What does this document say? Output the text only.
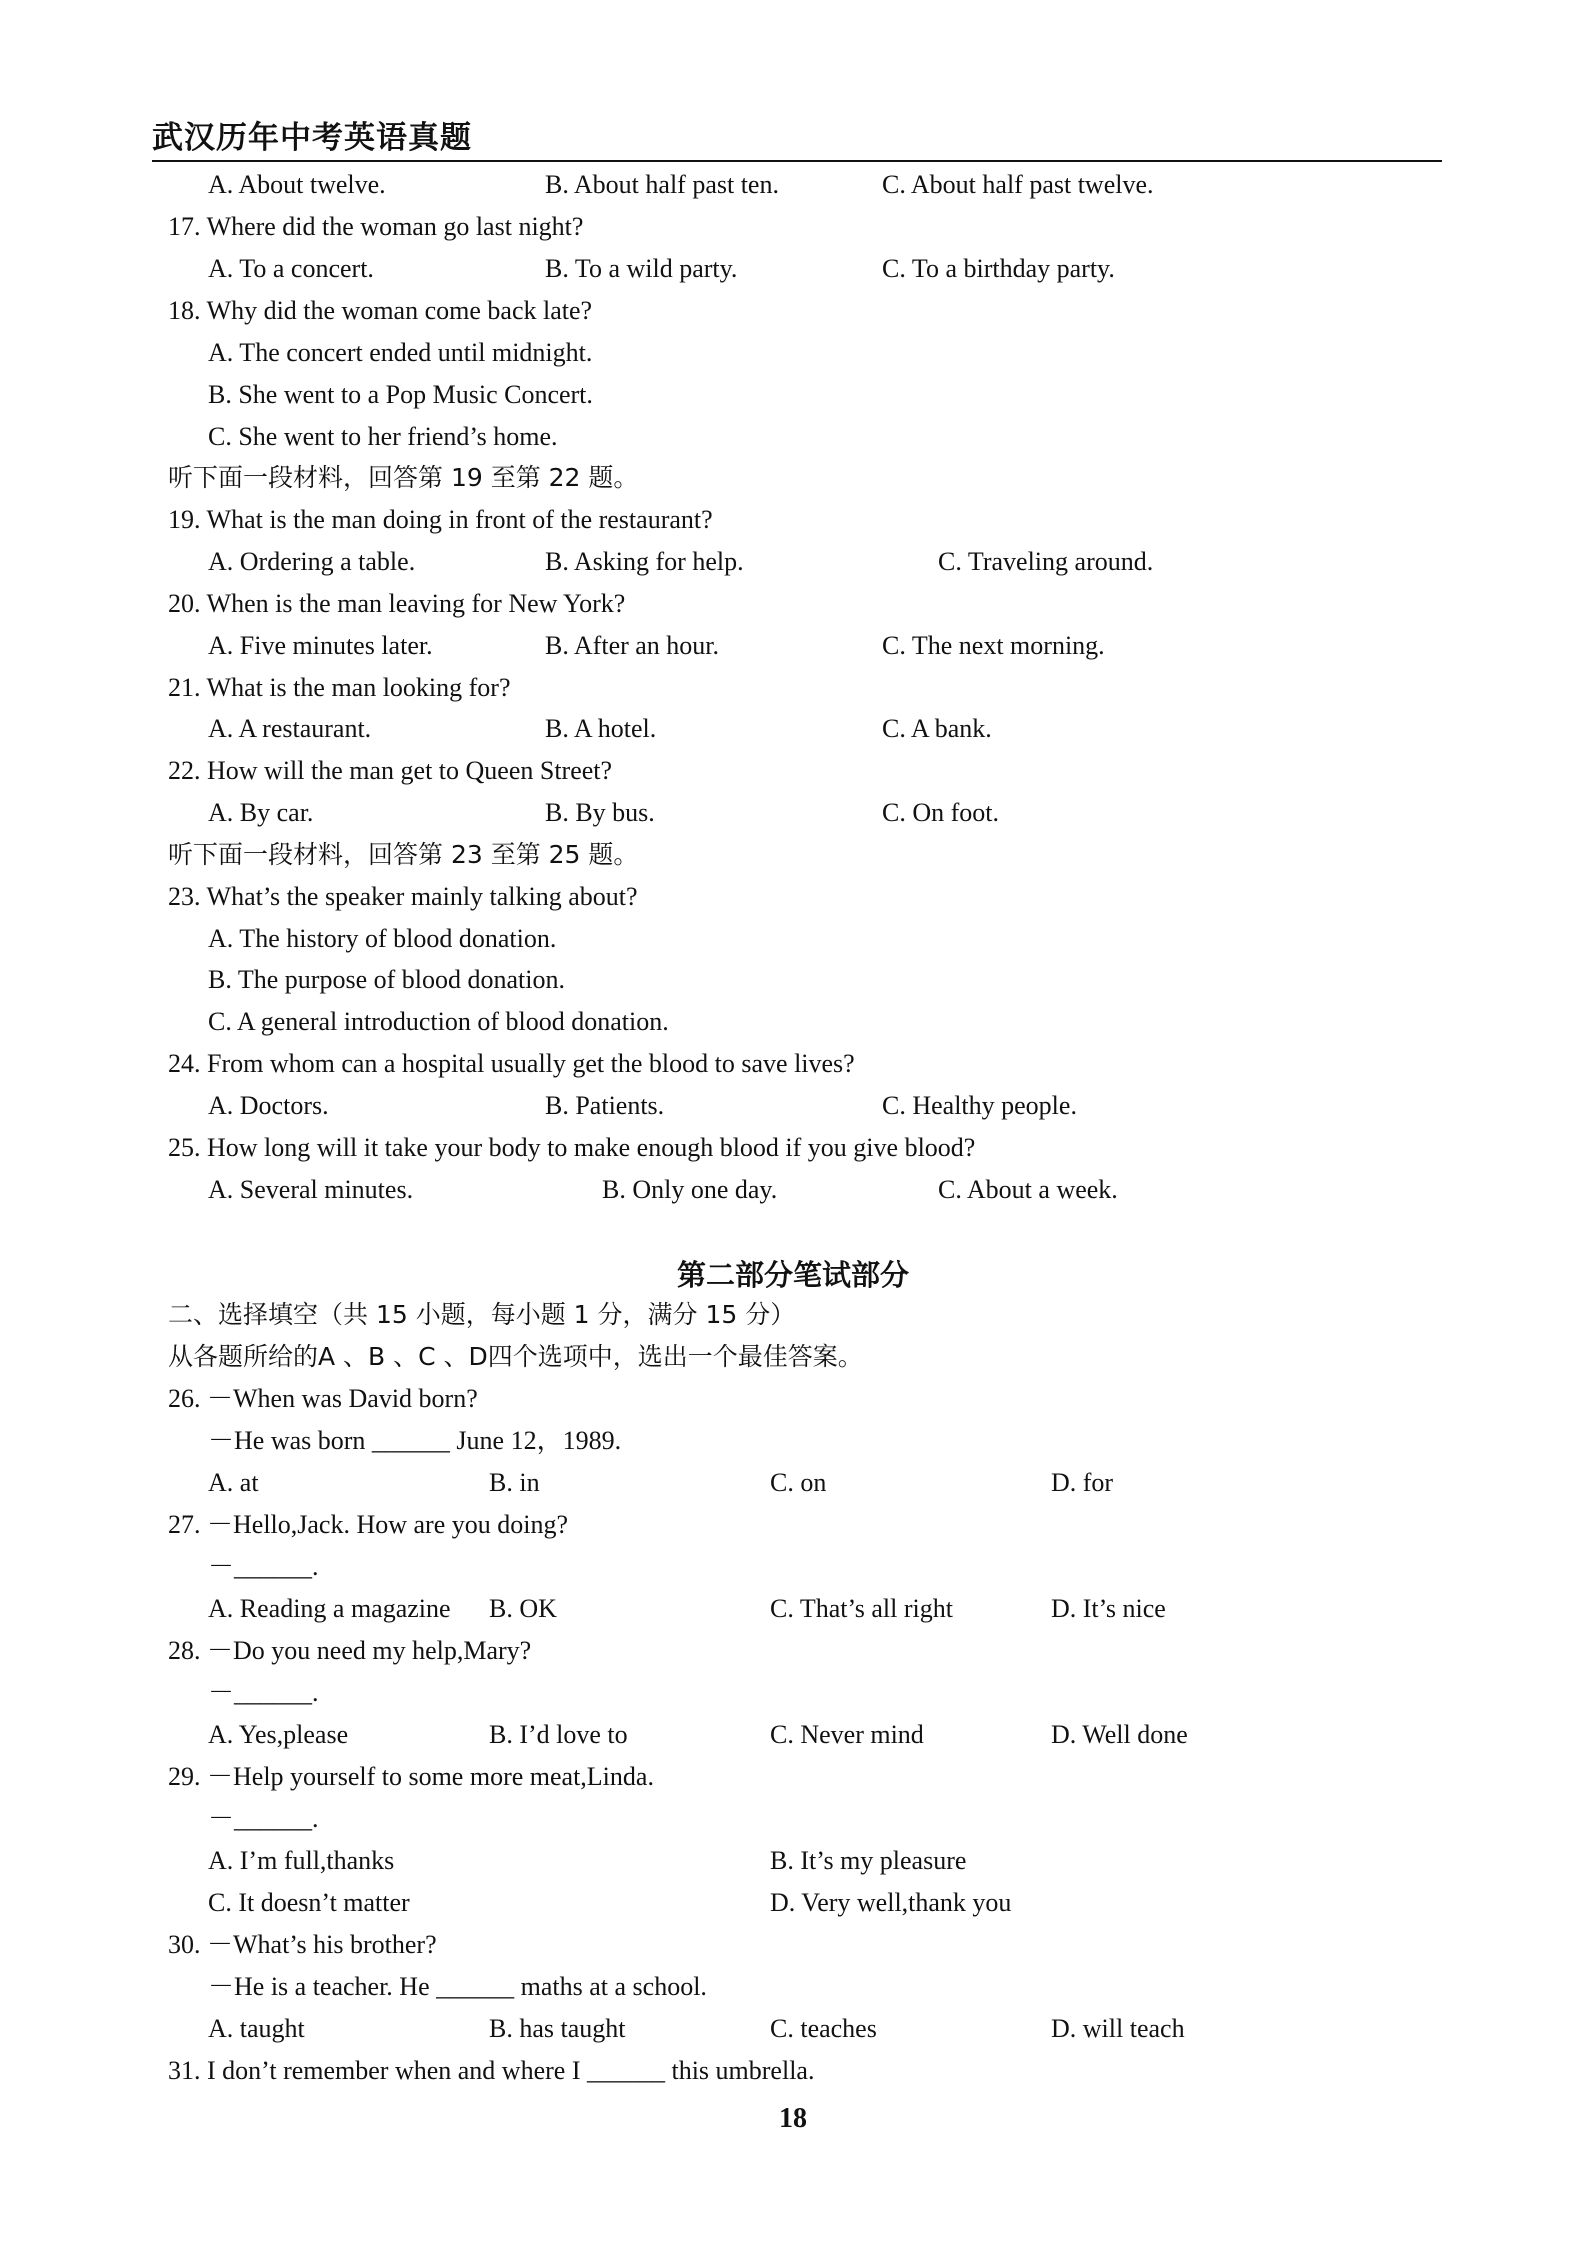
武汉历年中考英语真题
A. About twelve.	B. About half past ten.	C. About half past twelve.
17. Where did the woman go last night?
A. To a concert.	B. To a wild party.	C. To a birthday party.
18. Why did the woman come back late?
A. The concert ended until midnight.
B. She went to a Pop Music Concert.
C. She went to her friend’s home.
听下面一段材料，回答第 19 至第 22 题。
19. What is the man doing in front of the restaurant?
A. Ordering a table.	B. Asking for help.	C. Traveling around.
20. When is the man leaving for New York?
A. Five minutes later.	B. After an hour.	C. The next morning.
21. What is the man looking for?
A. A restaurant.	B. A hotel.	C. A bank.
22. How will the man get to Queen Street?
A. By car.	B. By bus.	C. On foot.
听下面一段材料，回答第 23 至第 25 题。
23. What’s the speaker mainly talking about?
A. The history of blood donation.
B. The purpose of blood donation.
C. A general introduction of blood donation.
24. From whom can a hospital usually get the blood to save lives?
A. Doctors.	B. Patients.	C. Healthy people.
25. How long will it take your body to make enough blood if you give blood?
A. Several minutes.	B. Only one day.	C. About a week.
二、选择填空（共 15 小题，每小题 1 分，满分 15 分）
从各题所给的A 、B 、C 、D四个选项中，选出一个最佳答案。
26. －When was David born?
－He was born ______ June 12，1989.
A. at	B. in	C. on	D. for
27. －Hello,Jack. How are you doing?
－______.
A. Reading a magazine B. OK	C. That’s all right	D. It’s nice
28. －Do you need my help,Mary?
－______.
A. Yes,please	B. I’d love to	C. Never mind	D. Well done
29. －Help yourself to some more meat,Linda.
－______.
A. I’m full,thanks	B. It’s my pleasure
C. It doesn’t matter	D. Very well,thank you
30. －What’s his brother?
－He is a teacher. He ______ maths at a school.
A. taught	B. has taught	C. teaches	D. will teach
31. I don’t remember when and where I ______ this umbrella.
第二部分笔试部分
18
